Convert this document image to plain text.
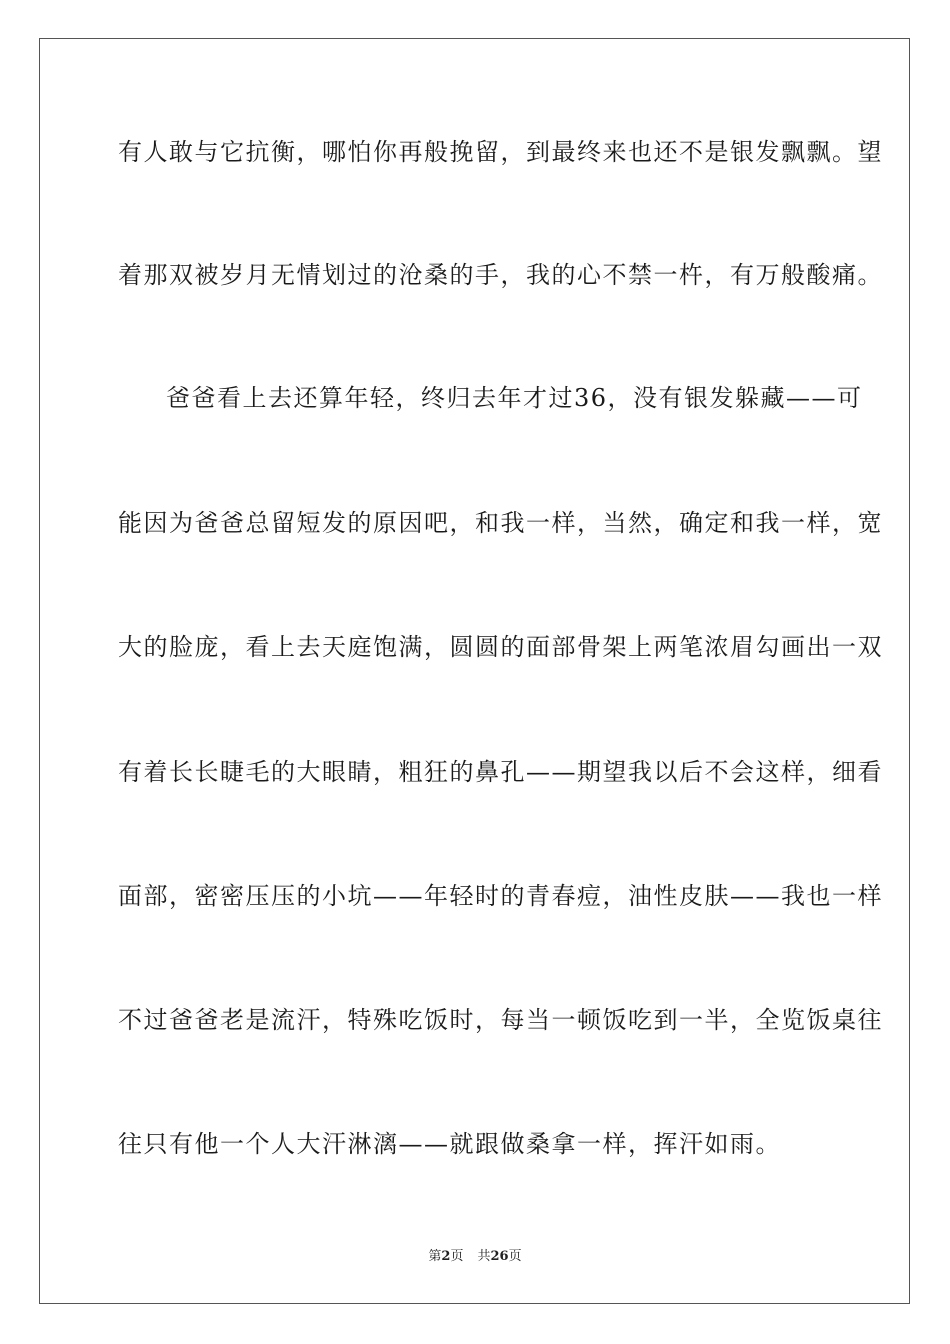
有人敢与它抗衡，哪怕你再般挽留，到最终来也还不是银发飘飘。望
着那双被岁月无情划过的沧桑的手，我的心不禁一杵，有万般酸痛。
爸爸看上去还算年轻，终归去年才过36，没有银发躲藏——可
能因为爸爸总留短发的原因吧，和我一样，当然，确定和我一样，宽
大的脸庞，看上去天庭饱满，圆圆的面部骨架上两笔浓眉勾画出一双
有着长长睫毛的大眼睛，粗狂的鼻孔——期望我以后不会这样，细看
面部，密密压压的小坑——年轻时的青春痘，油性皮肤——我也一样
不过爸爸老是流汗，特殊吃饭时，每当一顿饭吃到一半，全览饭桌往
往只有他一个人大汗淋漓——就跟做桑拿一样，挥汗如雨。
第2页 共26页
